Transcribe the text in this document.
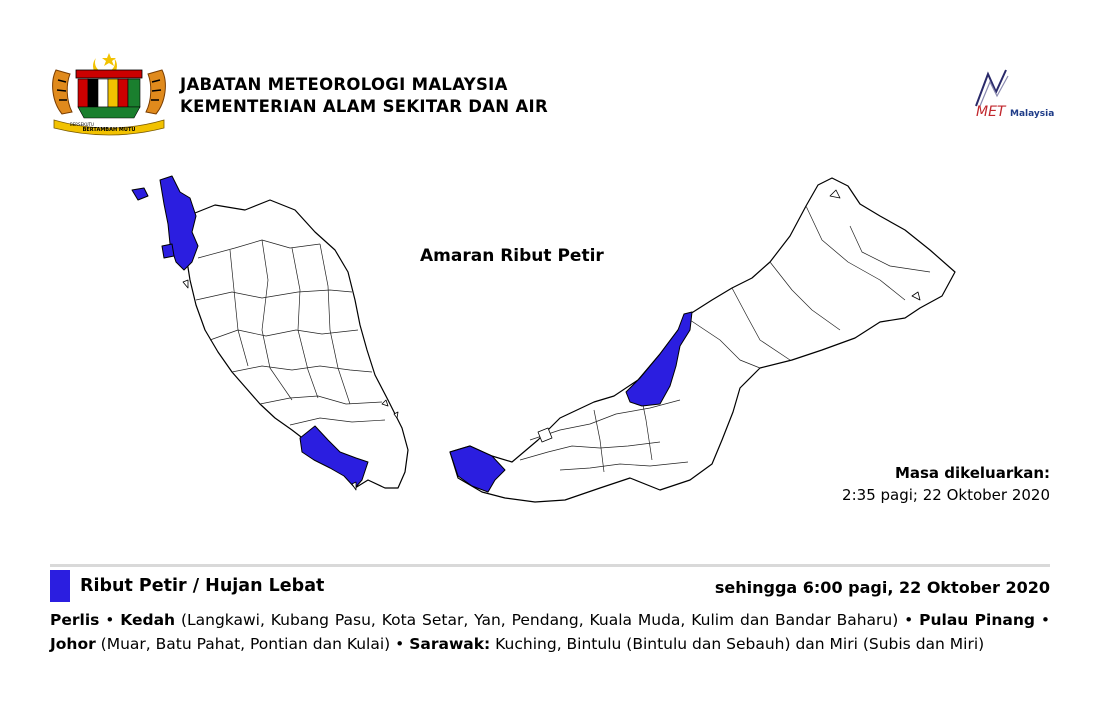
BERTAMBAH MUTU
BERSEKUTU
JABATAN METEOROLOGI MALAYSIA
KEMENTERIAN ALAM SEKITAR DAN AIR	MET Malaysia
Amaran Ribut Petir
Masa dikeluarkan:
2:35 pagi; 22 Oktober 2020
Ribut Petir / Hujan Lebat	sehingga 6:00 pagi, 22 Oktober 2020
Perlis • Kedah (Langkawi, Kubang Pasu, Kota Setar, Yan, Pendang, Kuala Muda, Kulim dan Bandar Baharu) • Pulau Pinang • Johor (Muar, Batu Pahat, Pontian dan Kulai) • Sarawak: Kuching, Bintulu (Bintulu dan Sebauh) dan Miri (Subis dan Miri)
